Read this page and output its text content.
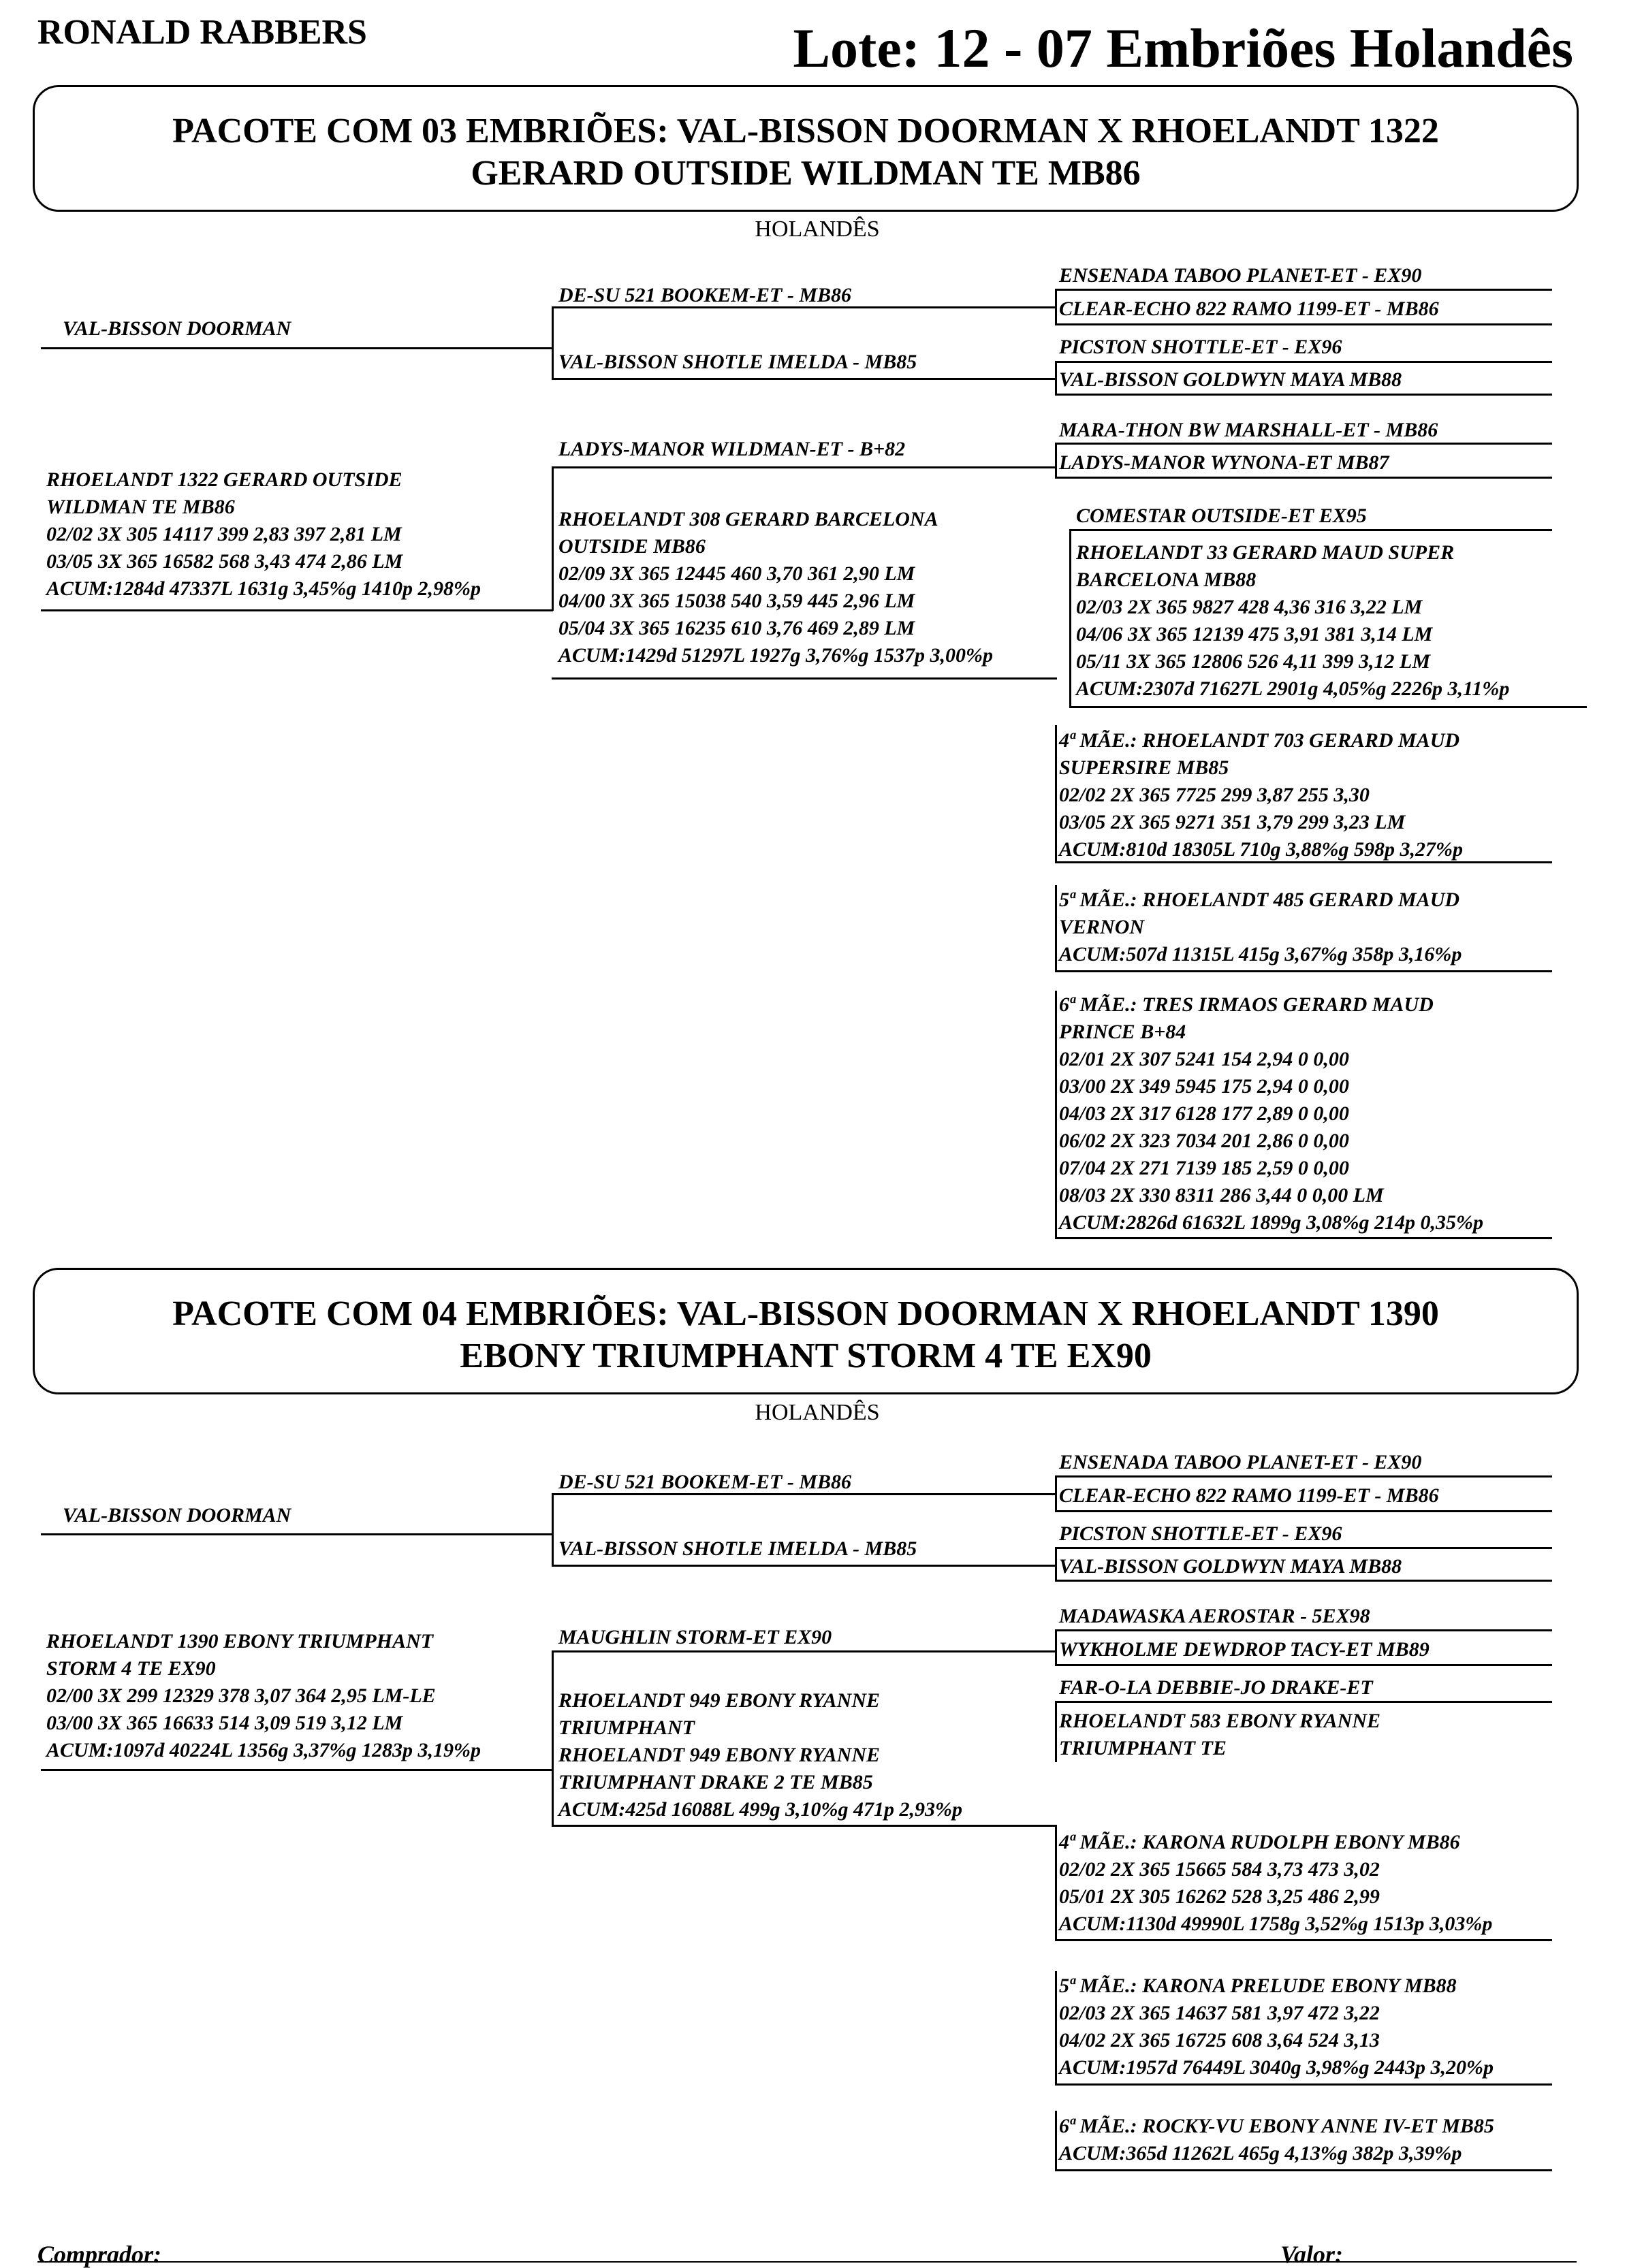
RONALD RABBERS	Lote: 12 - 07 Embriões Holandês
PACOTE COM 03 EMBRIÕES: VAL-BISSON DOORMAN X RHOELANDT 1322
GERARD OUTSIDE WILDMAN TE MB86
HOLANDÊS
VAL-BISSON DOORMAN
DE-SU 521 BOOKEM-ET - MB86
VAL-BISSON SHOTLE IMELDA - MB85
ENSENADA TABOO PLANET-ET - EX90
CLEAR-ECHO 822 RAMO 1199-ET - MB86
PICSTON SHOTTLE-ET - EX96
VAL-BISSON GOLDWYN MAYA MB88
RHOELANDT 1322 GERARD OUTSIDE
WILDMAN TE MB86
02/02 3X 305 14117 399 2,83 397 2,81 LM
03/05 3X 365 16582 568 3,43 474 2,86 LM
ACUM:1284d 47337L 1631g 3,45%g 1410p 2,98%p
LADYS-MANOR WILDMAN-ET - B+82
RHOELANDT 308 GERARD BARCELONA
OUTSIDE MB86
02/09 3X 365 12445 460 3,70 361 2,90 LM
04/00 3X 365 15038 540 3,59 445 2,96 LM
05/04 3X 365 16235 610 3,76 469 2,89 LM
ACUM:1429d 51297L 1927g 3,76%g 1537p 3,00%p
MARA-THON BW MARSHALL-ET - MB86
LADYS-MANOR WYNONA-ET MB87
COMESTAR OUTSIDE-ET EX95
RHOELANDT 33 GERARD MAUD SUPER
BARCELONA MB88
02/03 2X 365 9827 428 4,36 316 3,22 LM
04/06 3X 365 12139 475 3,91 381 3,14 LM
05/11 3X 365 12806 526 4,11 399 3,12 LM
ACUM:2307d 71627L 2901g 4,05%g 2226p 3,11%p
4ª MÃE.: RHOELANDT 703 GERARD MAUD
SUPERSIRE MB85
02/02 2X 365 7725 299 3,87 255 3,30
03/05 2X 365 9271 351 3,79 299 3,23 LM
ACUM:810d 18305L 710g 3,88%g 598p 3,27%p
5ª MÃE.: RHOELANDT 485 GERARD MAUD
VERNON
ACUM:507d 11315L 415g 3,67%g 358p 3,16%p
6ª MÃE.: TRES IRMAOS GERARD MAUD
PRINCE B+84
02/01 2X 307 5241 154 2,94 0 0,00
03/00 2X 349 5945 175 2,94 0 0,00
04/03 2X 317 6128 177 2,89 0 0,00
06/02 2X 323 7034 201 2,86 0 0,00
07/04 2X 271 7139 185 2,59 0 0,00
08/03 2X 330 8311 286 3,44 0 0,00 LM
ACUM:2826d 61632L 1899g 3,08%g 214p 0,35%p
PACOTE COM 04 EMBRIÕES: VAL-BISSON DOORMAN X RHOELANDT 1390
EBONY TRIUMPHANT STORM 4 TE EX90
HOLANDÊS
VAL-BISSON DOORMAN
DE-SU 521 BOOKEM-ET - MB86
VAL-BISSON SHOTLE IMELDA - MB85
ENSENADA TABOO PLANET-ET - EX90
CLEAR-ECHO 822 RAMO 1199-ET - MB86
PICSTON SHOTTLE-ET - EX96
VAL-BISSON GOLDWYN MAYA MB88
RHOELANDT 1390 EBONY TRIUMPHANT
STORM 4 TE EX90
02/00 3X 299 12329 378 3,07 364 2,95 LM-LE
03/00 3X 365 16633 514 3,09 519 3,12 LM
ACUM:1097d 40224L 1356g 3,37%g 1283p 3,19%p
MAUGHLIN STORM-ET EX90
RHOELANDT 949 EBONY RYANNE
TRIUMPHANT
RHOELANDT 949 EBONY RYANNE
TRIUMPHANT DRAKE 2 TE MB85
ACUM:425d 16088L 499g 3,10%g 471p 2,93%p
MADAWASKA AEROSTAR - 5EX98
WYKHOLME DEWDROP TACY-ET MB89
FAR-O-LA DEBBIE-JO DRAKE-ET
RHOELANDT 583 EBONY RYANNE
TRIUMPHANT TE
4ª MÃE.: KARONA RUDOLPH EBONY MB86
02/02 2X 365 15665 584 3,73 473 3,02
05/01 2X 305 16262 528 3,25 486 2,99
ACUM:1130d 49990L 1758g 3,52%g 1513p 3,03%p
5ª MÃE.: KARONA PRELUDE EBONY MB88
02/03 2X 365 14637 581 3,97 472 3,22
04/02 2X 365 16725 608 3,64 524 3,13
ACUM:1957d 76449L 3040g 3,98%g 2443p 3,20%p
6ª MÃE.: ROCKY-VU EBONY ANNE IV-ET MB85
ACUM:365d 11262L 465g 4,13%g 382p 3,39%p
Comprador:	Valor:
